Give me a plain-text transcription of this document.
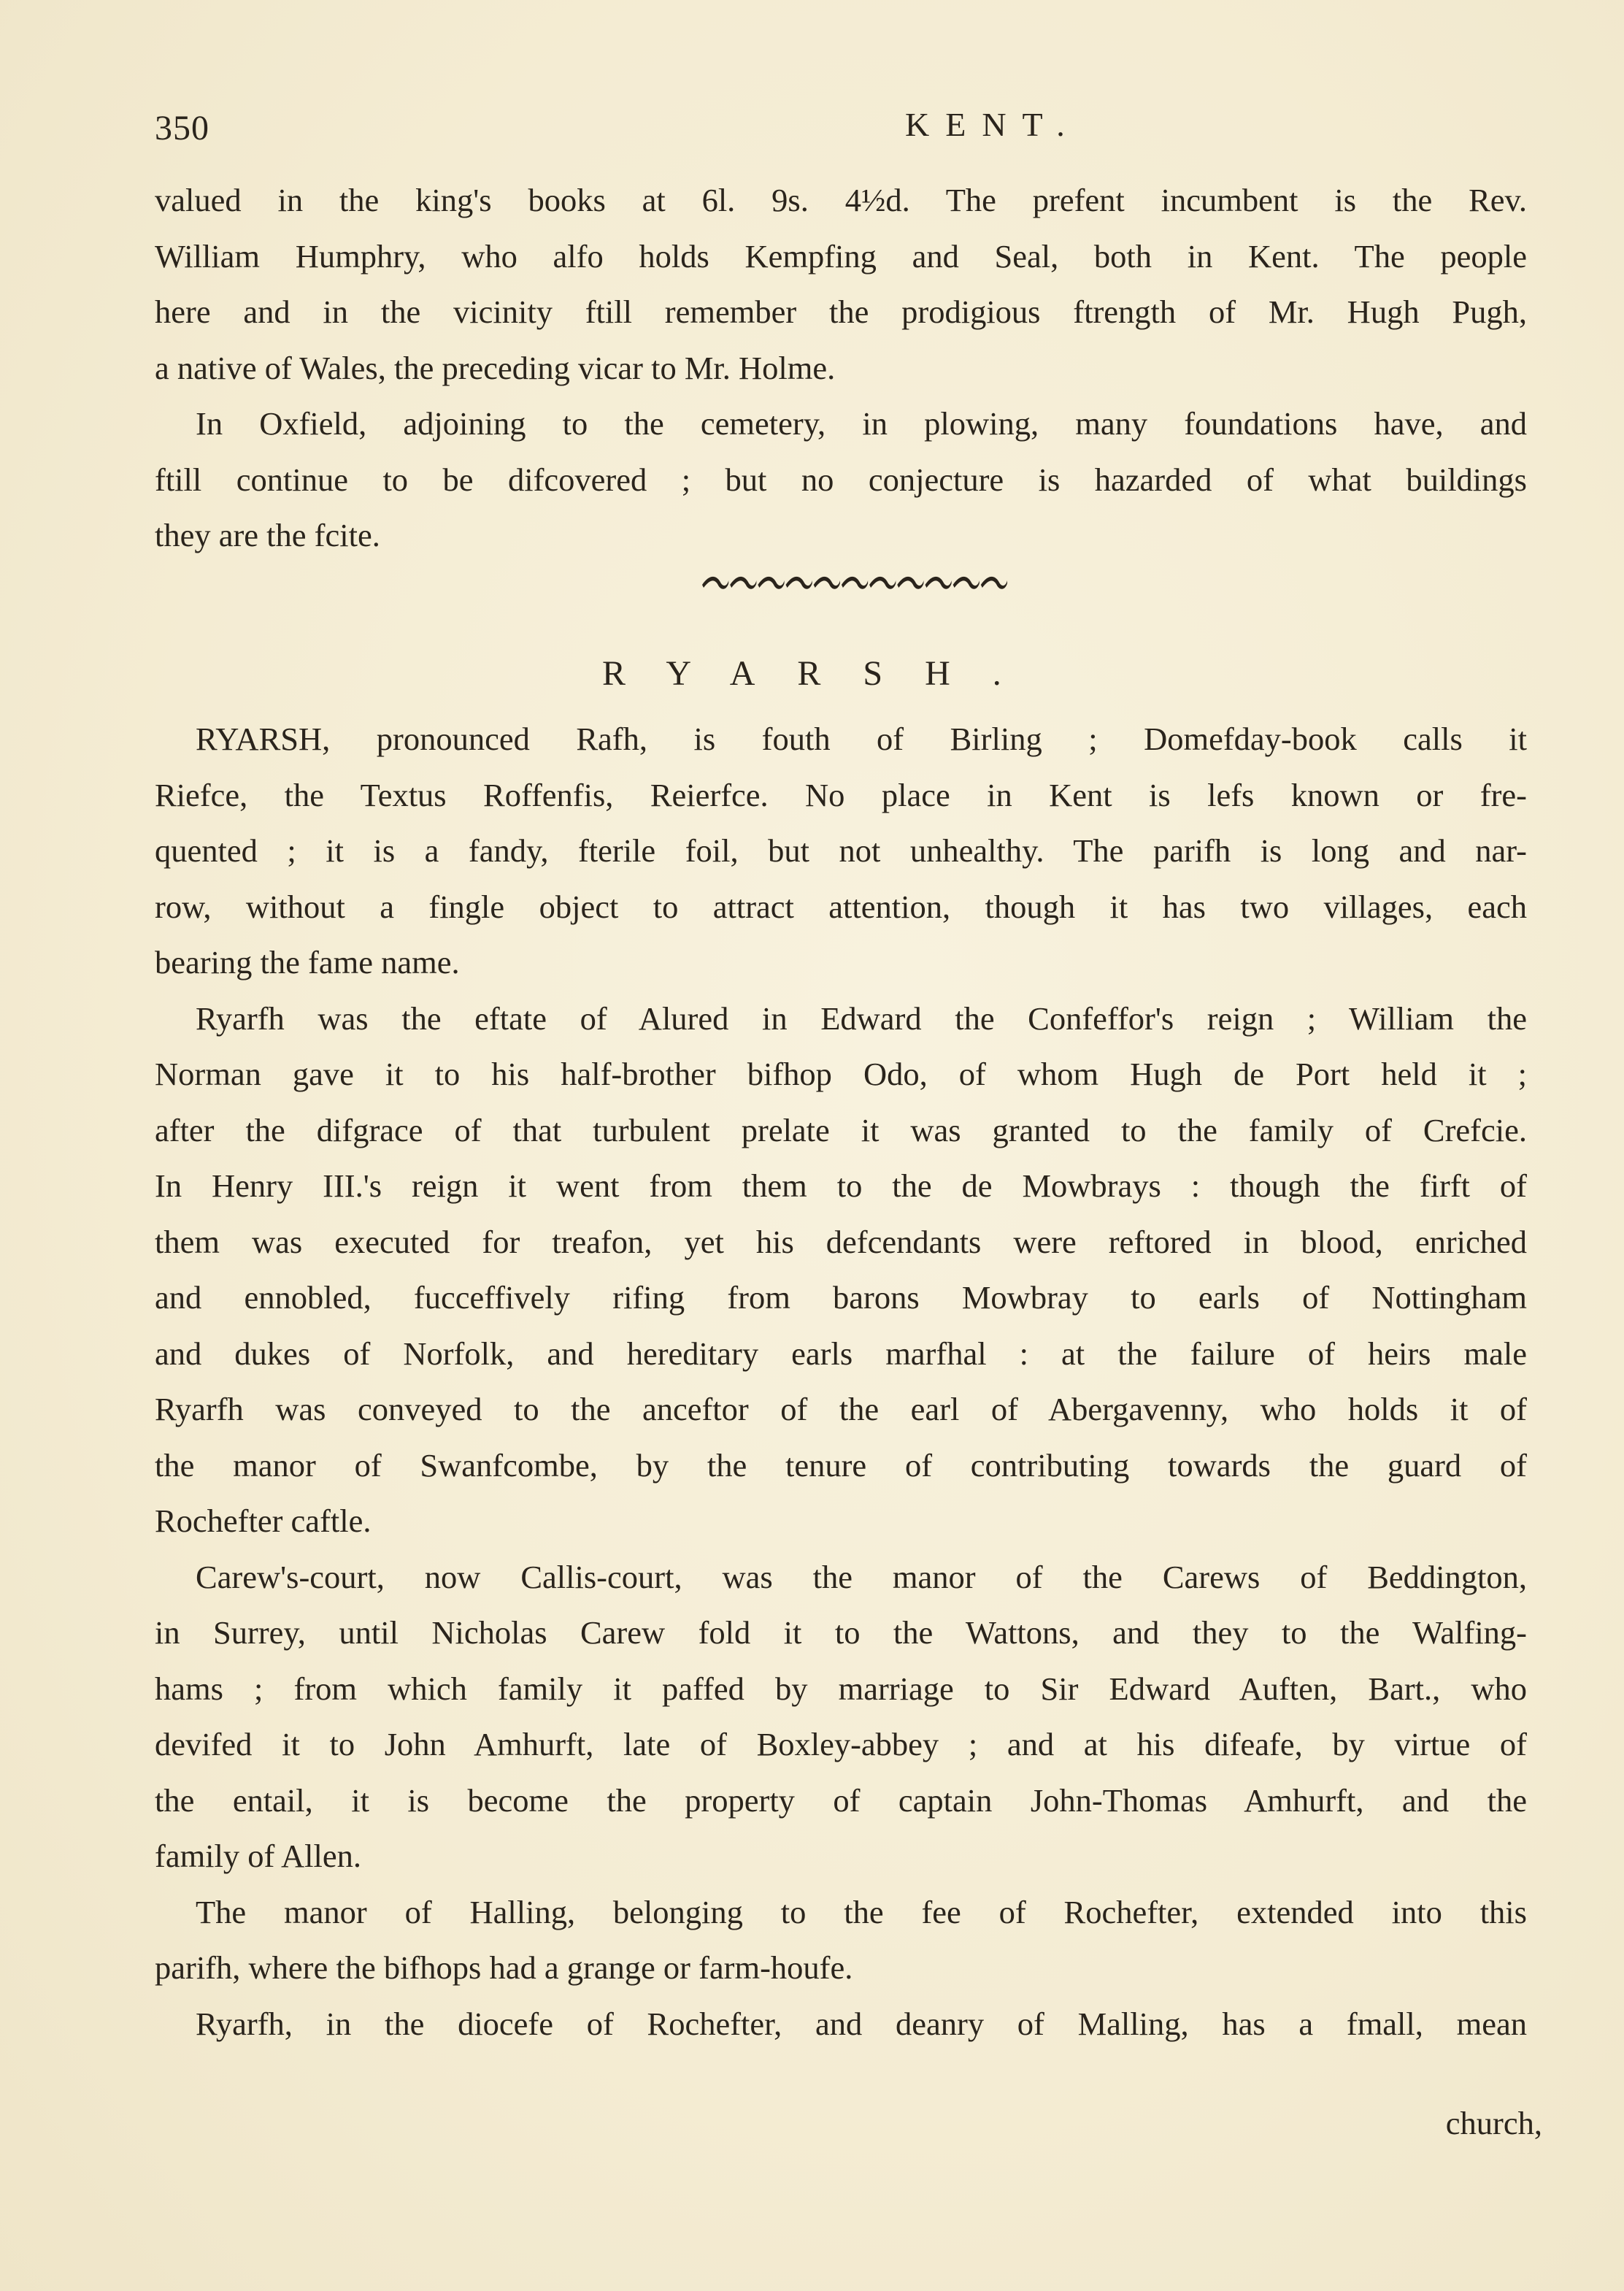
350	KENT.
valued in the king's books at 6l. 9s. 4½d. The prefent incumbent is the Rev.
William Humphry, who alfo holds Kempfing and Seal, both in Kent. The people
here and in the vicinity ftill remember the prodigious ftrength of Mr. Hugh Pugh,
a native of Wales, the preceding vicar to Mr. Holme.
In Oxfield, adjoining to the cemetery, in plowing, many foundations have, and
ftill continue to be difcovered ; but no conjecture is hazarded of what buildings
they are the fcite.
RYARSH.
RYARSH, pronounced Rafh, is fouth of Birling ; Domefday-book calls it
Riefce, the Textus Roffenfis, Reierfce. No place in Kent is lefs known or fre-
quented ; it is a fandy, fterile foil, but not unhealthy. The parifh is long and nar-
row, without a fingle object to attract attention, though it has two villages, each
bearing the fame name.
Ryarfh was the eftate of Alured in Edward the Confeffor's reign ; William the
Norman gave it to his half-brother bifhop Odo, of whom Hugh de Port held it ;
after the difgrace of that turbulent prelate it was granted to the family of Crefcie.
In Henry III.'s reign it went from them to the de Mowbrays : though the firft of
them was executed for treafon, yet his defcendants were reftored in blood, enriched
and ennobled, fucceffively rifing from barons Mowbray to earls of Nottingham
and dukes of Norfolk, and hereditary earls marfhal : at the failure of heirs male
Ryarfh was conveyed to the anceftor of the earl of Abergavenny, who holds it of
the manor of Swanfcombe, by the tenure of contributing towards the guard of
Rochefter caftle.
Carew's-court, now Callis-court, was the manor of the Carews of Beddington,
in Surrey, until Nicholas Carew fold it to the Wattons, and they to the Walfing-
hams ; from which family it paffed by marriage to Sir Edward Auften, Bart., who
devifed it to John Amhurft, late of Boxley-abbey ; and at his difeafe, by virtue of
the entail, it is become the property of captain John-Thomas Amhurft, and the
family of Allen.
The manor of Halling, belonging to the fee of Rochefter, extended into this
parifh, where the bifhops had a grange or farm-houfe.
Ryarfh, in the diocefe of Rochefter, and deanry of Malling, has a fmall, mean
church,
